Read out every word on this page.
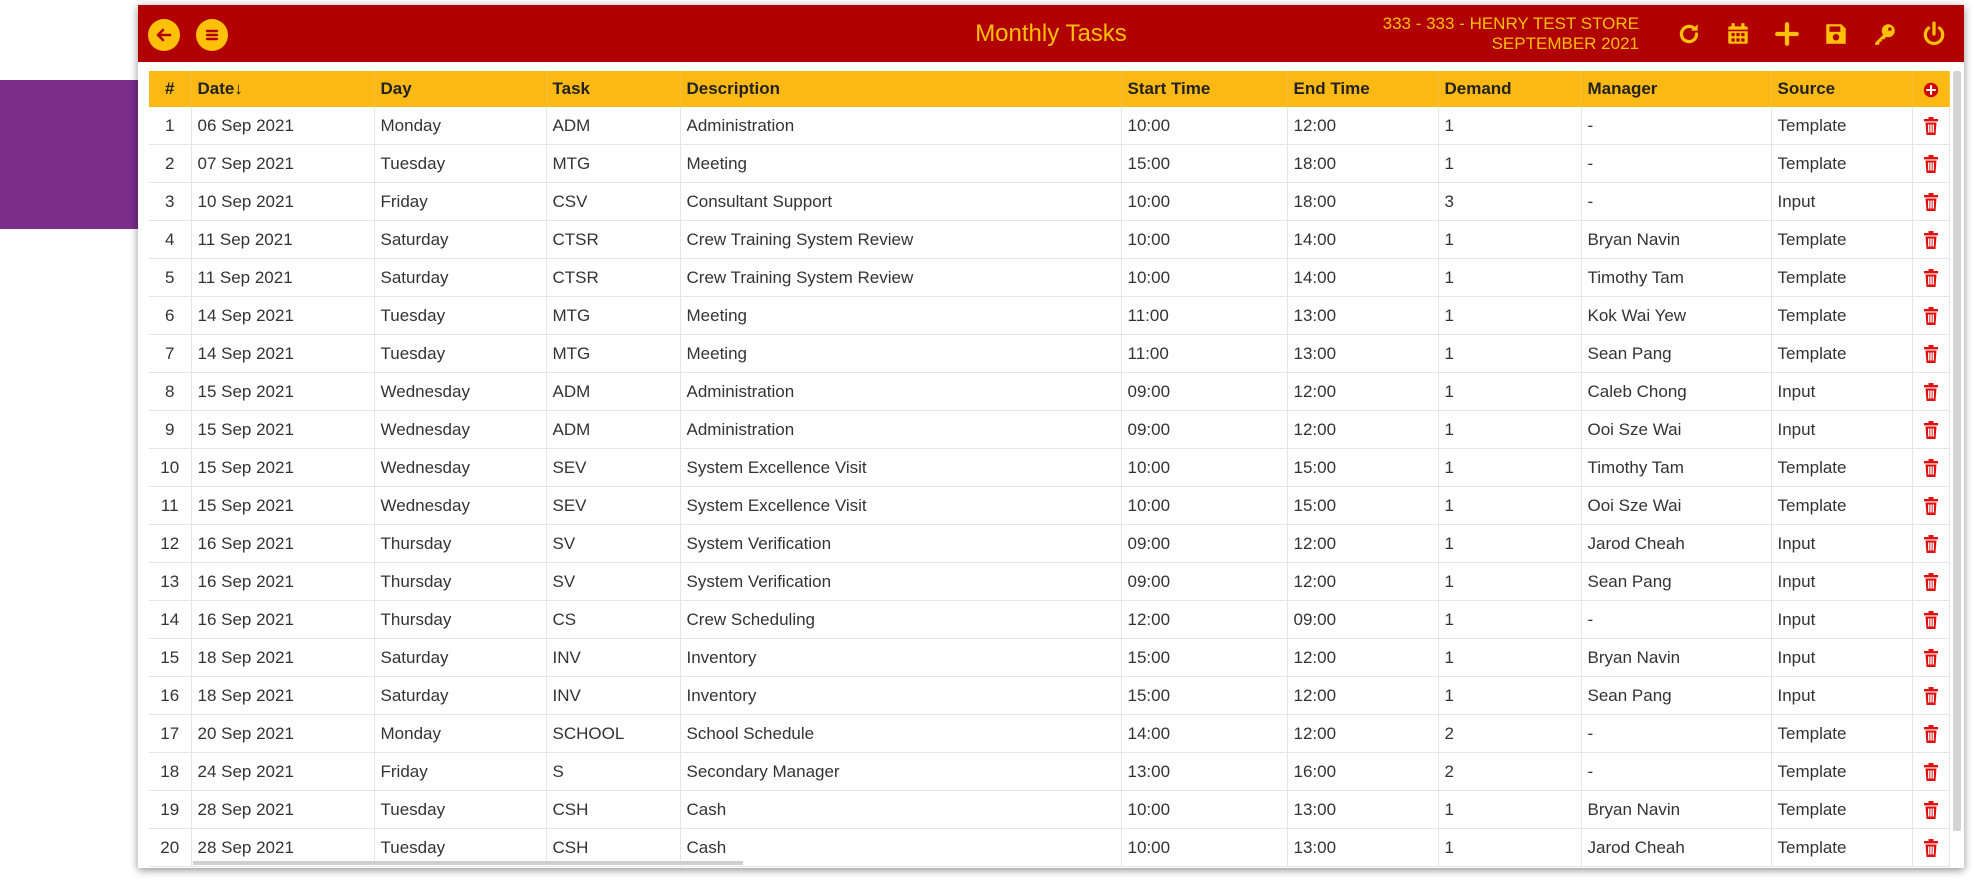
Monthly Tasks	333 - 333 - HENRY TEST STORE
SEPTEMBER 2021
#	Date↓	Day	Task	Description	Start Time	End Time	Demand	Manager	Source	
1	06 Sep 2021	Monday	ADM	Administration	10:00	12:00	1	-	Template	
2	07 Sep 2021	Tuesday	MTG	Meeting	15:00	18:00	1	-	Template	
3	10 Sep 2021	Friday	CSV	Consultant Support	10:00	18:00	3	-	Input	
4	11 Sep 2021	Saturday	CTSR	Crew Training System Review	10:00	14:00	1	Bryan Navin	Template	
5	11 Sep 2021	Saturday	CTSR	Crew Training System Review	10:00	14:00	1	Timothy Tam	Template	
6	14 Sep 2021	Tuesday	MTG	Meeting	11:00	13:00	1	Kok Wai Yew	Template	
7	14 Sep 2021	Tuesday	MTG	Meeting	11:00	13:00	1	Sean Pang	Template	
8	15 Sep 2021	Wednesday	ADM	Administration	09:00	12:00	1	Caleb Chong	Input	
9	15 Sep 2021	Wednesday	ADM	Administration	09:00	12:00	1	Ooi Sze Wai	Input	
10	15 Sep 2021	Wednesday	SEV	System Excellence Visit	10:00	15:00	1	Timothy Tam	Template	
11	15 Sep 2021	Wednesday	SEV	System Excellence Visit	10:00	15:00	1	Ooi Sze Wai	Template	
12	16 Sep 2021	Thursday	SV	System Verification	09:00	12:00	1	Jarod Cheah	Input	
13	16 Sep 2021	Thursday	SV	System Verification	09:00	12:00	1	Sean Pang	Input	
14	16 Sep 2021	Thursday	CS	Crew Scheduling	12:00	09:00	1	-	Input	
15	18 Sep 2021	Saturday	INV	Inventory	15:00	12:00	1	Bryan Navin	Input	
16	18 Sep 2021	Saturday	INV	Inventory	15:00	12:00	1	Sean Pang	Input	
17	20 Sep 2021	Monday	SCHOOL	School Schedule	14:00	12:00	2	-	Template	
18	24 Sep 2021	Friday	S	Secondary Manager	13:00	16:00	2	-	Template	
19	28 Sep 2021	Tuesday	CSH	Cash	10:00	13:00	1	Bryan Navin	Template	
20	28 Sep 2021	Tuesday	CSH	Cash	10:00	13:00	1	Jarod Cheah	Template	
